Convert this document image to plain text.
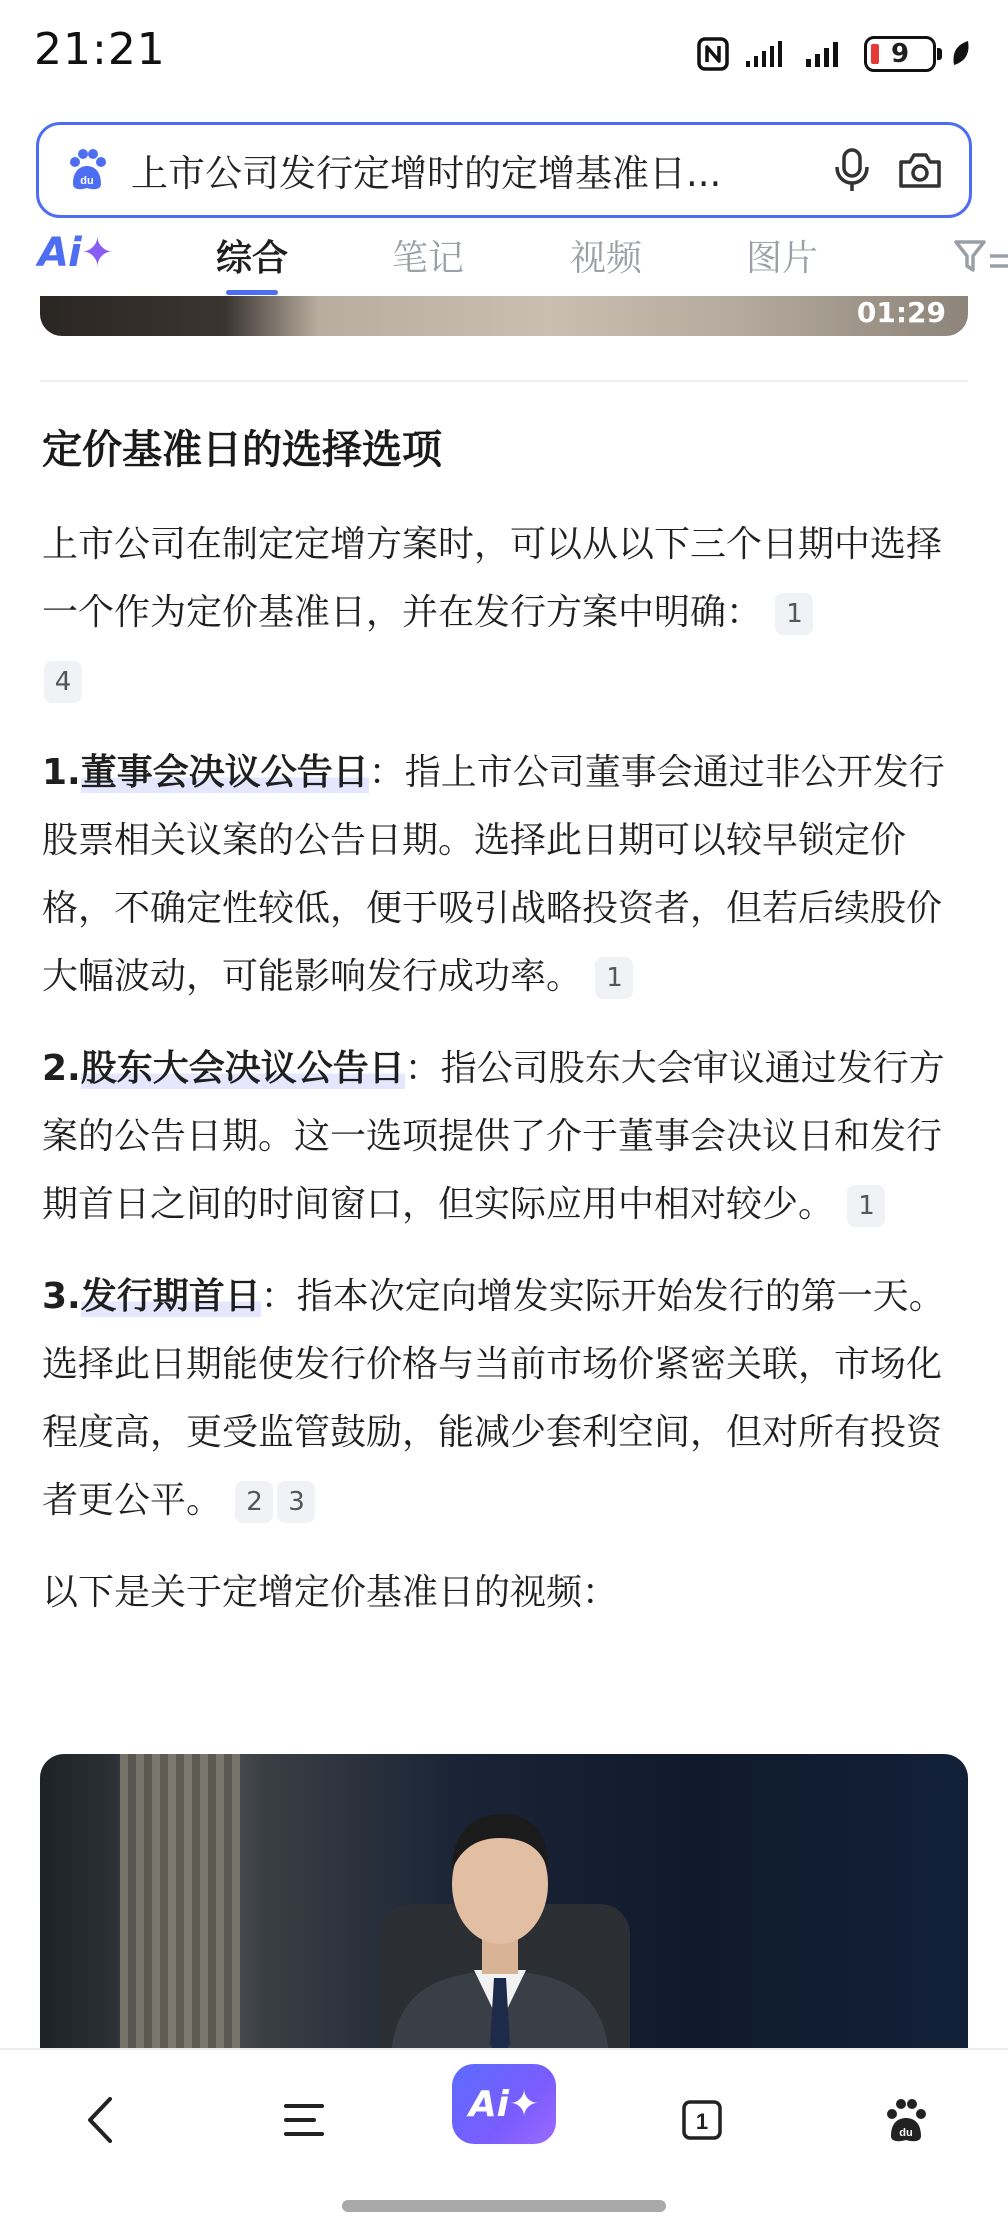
21:21	9
du 上市公司发行定增时的定增基准日...
Ai✦	综合	笔记	视频	图片
01:29
定价基准日的选择选项

上市公司在制定定增方案时，可以从以下三个日期中选择一个作为定价基准日，并在发行方案中明确： 1
4

1.董事会决议公告日：指上市公司董事会通过非公开发行股票相关议案的公告日期。选择此日期可以较早锁定价格，不确定性较低，便于吸引战略投资者，但若后续股价大幅波动，可能影响发行成功率。 1

2.股东大会决议公告日：指公司股东大会审议通过发行方案的公告日期。这一选项提供了介于董事会决议日和发行期首日之间的时间窗口，但实际应用中相对较少。 1

3.发行期首日：指本次定向增发实际开始发行的第一天。选择此日期能使发行价格与当前市场价紧密关联，市场化程度高，更受监管鼓励，能减少套利空间，但对所有投资者更公平。 2 3

以下是关于定增定价基准日的视频：

Ai ✦	1	du
